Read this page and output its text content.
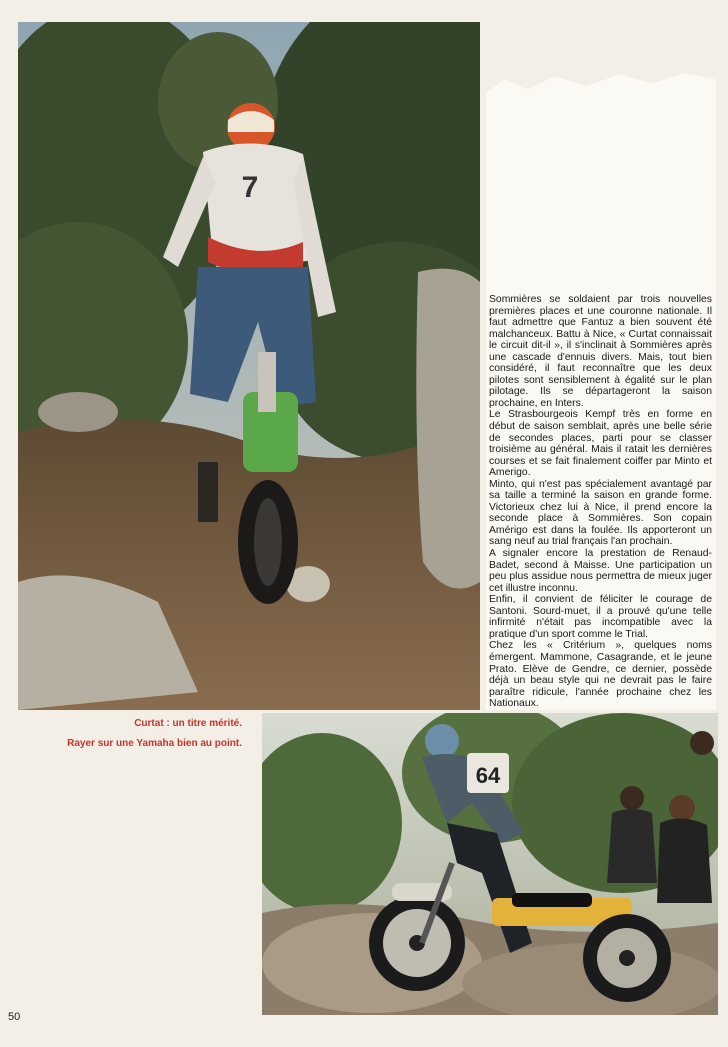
7
64

Sommières se soldaient par trois nouvelles premières places et une couronne nationale. Il faut admettre que Fantuz a bien souvent été malchanceux. Battu à Nice, « Curtat connaissait le circuit dit-il », il s'inclinait à Sommières après une cascade d'ennuis divers. Mais, tout bien considéré, il faut reconnaître que les deux pilotes sont sensiblement à égalité sur le plan pilotage. Ils se départageront la saison prochaine, en Inters.

Le Strasbourgeois Kempf très en forme en début de saison semblait, après une belle série de secondes places, parti pour se classer troisième au général. Mais il ratait les dernières courses et se fait finalement coiffer par Minto et Amerigo.

Minto, qui n'est pas spécialement avantagé par sa taille a terminé la saison en grande forme. Victorieux chez lui à Nice, il prend encore la seconde place à Sommières. Son copain Amérigo est dans la foulée. Ils apporteront un sang neuf au trial français l'an prochain.

A signaler encore la prestation de Renaud-Badet, second à Maisse. Une participation un peu plus assidue nous permettra de mieux juger cet illustre inconnu.

Enfin, il convient de féliciter le courage de Santoni. Sourd-muet, il a prouvé qu'une telle infirmité n'était pas incompatible avec la pratique d'un sport comme le Trial.

Chez les « Critérium », quelques noms émergent. Mammone, Casagrande, et le jeune Prato. Elève de Gendre, ce dernier, possède déjà un beau style qui ne devrait pas le faire paraître ridicule, l'année prochaine chez les Nationaux.

Curtat : un titre mérité.
Rayer sur une Yamaha bien au point.
50
